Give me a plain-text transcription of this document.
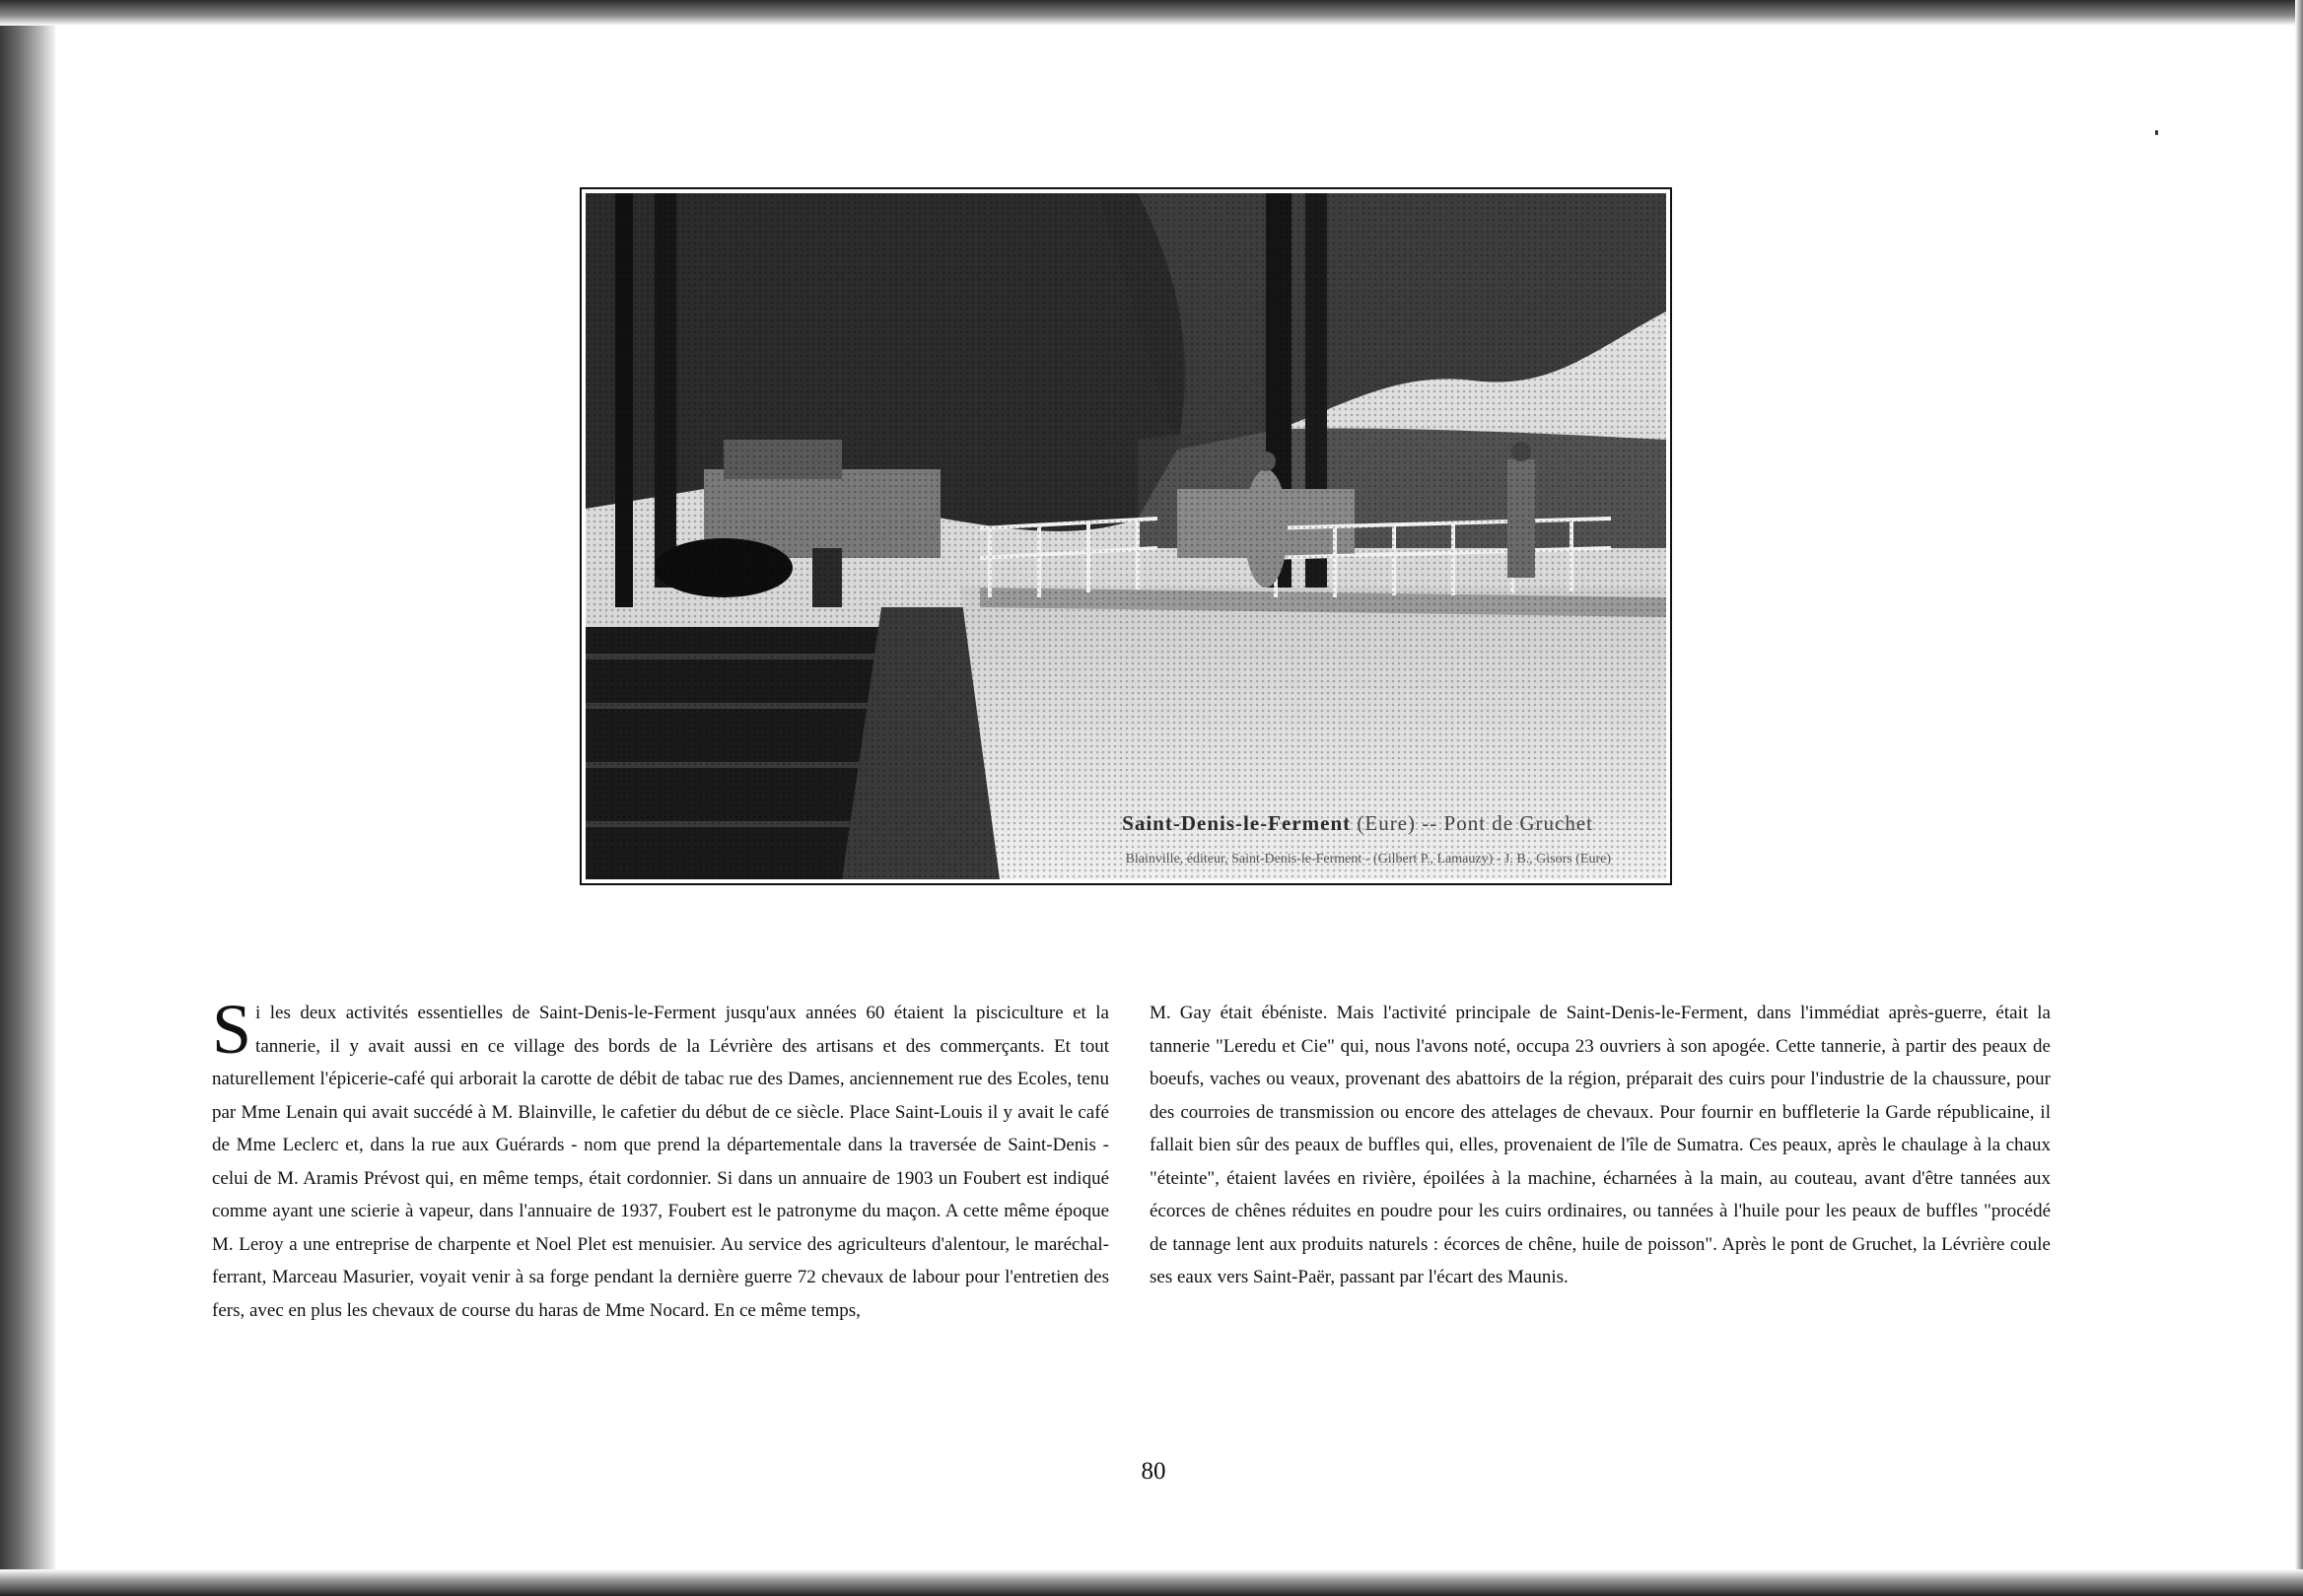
Saint-Denis-le-Ferment (Eure) -- Pont de Gruchet
Blainville, éditeur, Saint-Denis-le-Ferment - (Gilbert P., Lamauzy) - J. B., Gisors (Eure)

Si les deux activités essentielles de Saint-Denis-le-Ferment jusqu'aux années 60 étaient la pisciculture et la tannerie, il y avait aussi en ce village des bords de la Lévrière des artisans et des commerçants. Et tout naturellement l'épicerie-café qui arborait la carotte de débit de tabac rue des Dames, anciennement rue des Ecoles, tenu par Mme Lenain qui avait succédé à M. Blainville, le cafetier du début de ce siècle. Place Saint-Louis il y avait le café de Mme Leclerc et, dans la rue aux Guérards - nom que prend la départementale dans la traversée de Saint-Denis - celui de M. Aramis Prévost qui, en même temps, était cordonnier. Si dans un annuaire de 1903 un Foubert est indiqué comme ayant une scierie à vapeur, dans l'annuaire de 1937, Foubert est le patronyme du maçon. A cette même époque M. Leroy a une entreprise de charpente et Noel Plet est menuisier. Au service des agriculteurs d'alentour, le maréchal-ferrant, Marceau Masurier, voyait venir à sa forge pendant la dernière guerre 72 chevaux de labour pour l'entretien des fers, avec en plus les chevaux de course du haras de Mme Nocard. En ce même temps,

M. Gay était ébéniste. Mais l'activité principale de Saint-Denis-le-Ferment, dans l'immédiat après-guerre, était la tannerie "Leredu et Cie" qui, nous l'avons noté, occupa 23 ouvriers à son apogée. Cette tannerie, à partir des peaux de boeufs, vaches ou veaux, provenant des abattoirs de la région, préparait des cuirs pour l'industrie de la chaussure, pour des courroies de transmission ou encore des attelages de chevaux. Pour fournir en buffleterie la Garde républicaine, il fallait bien sûr des peaux de buffles qui, elles, provenaient de l'île de Sumatra. Ces peaux, après le chaulage à la chaux "éteinte", étaient lavées en rivière, époilées à la machine, écharnées à la main, au couteau, avant d'être tannées aux écorces de chênes réduites en poudre pour les cuirs ordinaires, ou tannées à l'huile pour les peaux de buffles "procédé de tannage lent aux produits naturels : écorces de chêne, huile de poisson". Après le pont de Gruchet, la Lévrière coule ses eaux vers Saint-Paër, passant par l'écart des Maunis.

80
